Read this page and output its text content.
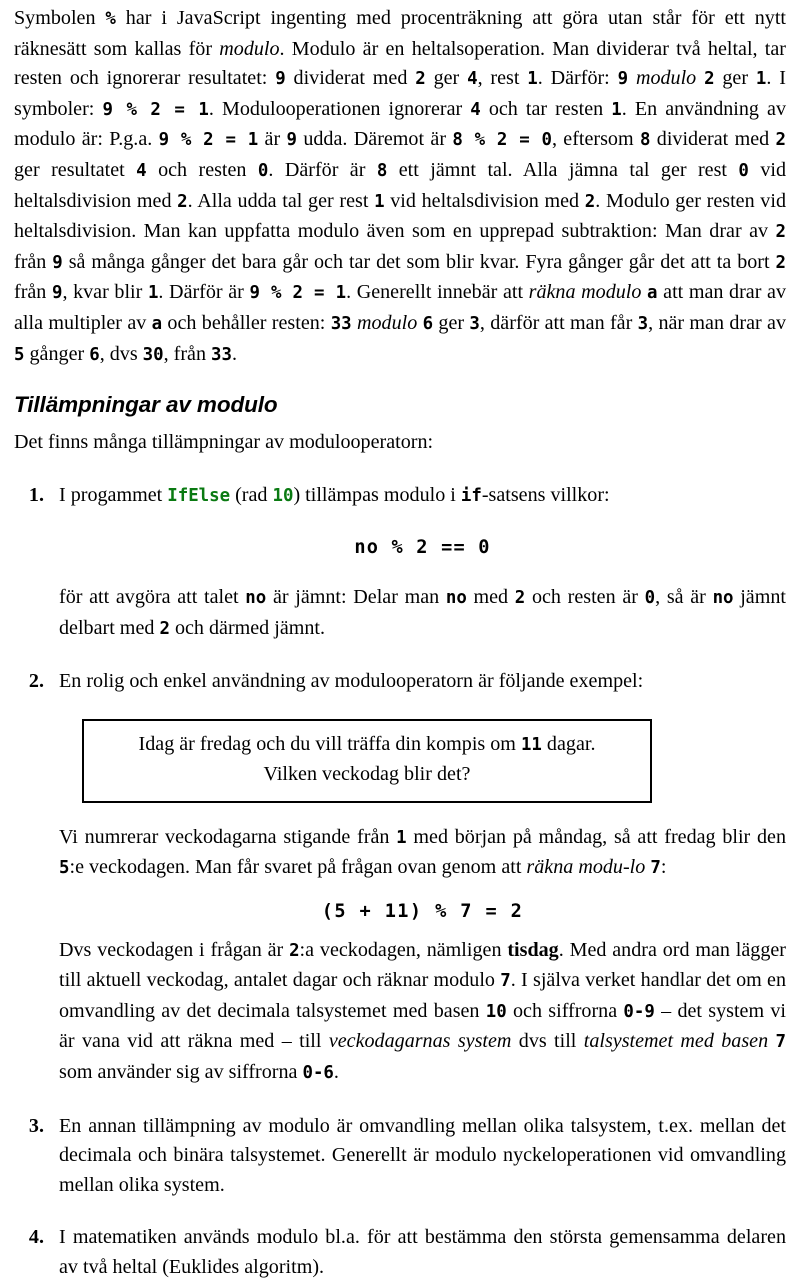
Symbolen % har i JavaScript ingenting med procenträkning att göra utan står för ett nytt räknesätt som kallas för modulo. Modulo är en heltalsoperation. Man dividerar två heltal, tar resten och ignorerar resultatet: 9 dividerat med 2 ger 4, rest 1. Därför: 9 modulo 2 ger 1. I symboler: 9 % 2 = 1. Modulooperationen ignorerar 4 och tar resten 1. En användning av modulo är: P.g.a. 9 % 2 = 1 är 9 udda. Däremot är 8 % 2 = 0, eftersom 8 dividerat med 2 ger resultatet 4 och resten 0. Därför är 8 ett jämnt tal. Alla jämna tal ger rest 0 vid heltalsdivision med 2. Alla udda tal ger rest 1 vid heltalsdivision med 2. Modulo ger resten vid heltalsdivision. Man kan uppfatta modulo även som en upprepad subtraktion: Man drar av 2 från 9 så många gånger det bara går och tar det som blir kvar. Fyra gånger går det att ta bort 2 från 9, kvar blir 1. Därför är 9 % 2 = 1. Generellt innebär att räkna modulo a att man drar av alla multipler av a och behåller resten: 33 modulo 6 ger 3, därför att man får 3, när man drar av 5 gånger 6, dvs 30, från 33.

Tillämpningar av modulo

Det finns många tillämpningar av modulooperatorn:

1. I progammet IfElse (rad 10) tillämpas modulo i if-satsens villkor:

no % 2 == 0

för att avgöra att talet no är jämnt: Delar man no med 2 och resten är 0, så är no jämnt delbart med 2 och därmed jämnt.

2. En rolig och enkel användning av modulooperatorn är följande exempel:

Idag är fredag och du vill träffa din kompis om 11 dagar.
Vilken veckodag blir det?

Vi numrerar veckodagarna stigande från 1 med början på måndag, så att fredag blir den 5:e veckodagen. Man får svaret på frågan ovan genom att räkna modu-lo 7:

(5 + 11) % 7 = 2

Dvs veckodagen i frågan är 2:a veckodagen, nämligen tisdag. Med andra ord man lägger till aktuell veckodag, antalet dagar och räknar modulo 7. I själva verket handlar det om en omvandling av det decimala talsystemet med basen 10 och siffrorna 0-9 – det system vi är vana vid att räkna med – till veckodagarnas system dvs till talsystemet med basen 7 som använder sig av siffrorna 0-6.

3. En annan tillämpning av modulo är omvandling mellan olika talsystem, t.ex. mellan det decimala och binära talsystemet. Generellt är modulo nyckeloperationen vid omvandling mellan olika system.

4. I matematiken används modulo bl.a. för att bestämma den största gemensamma delaren av två heltal (Euklides algoritm).
